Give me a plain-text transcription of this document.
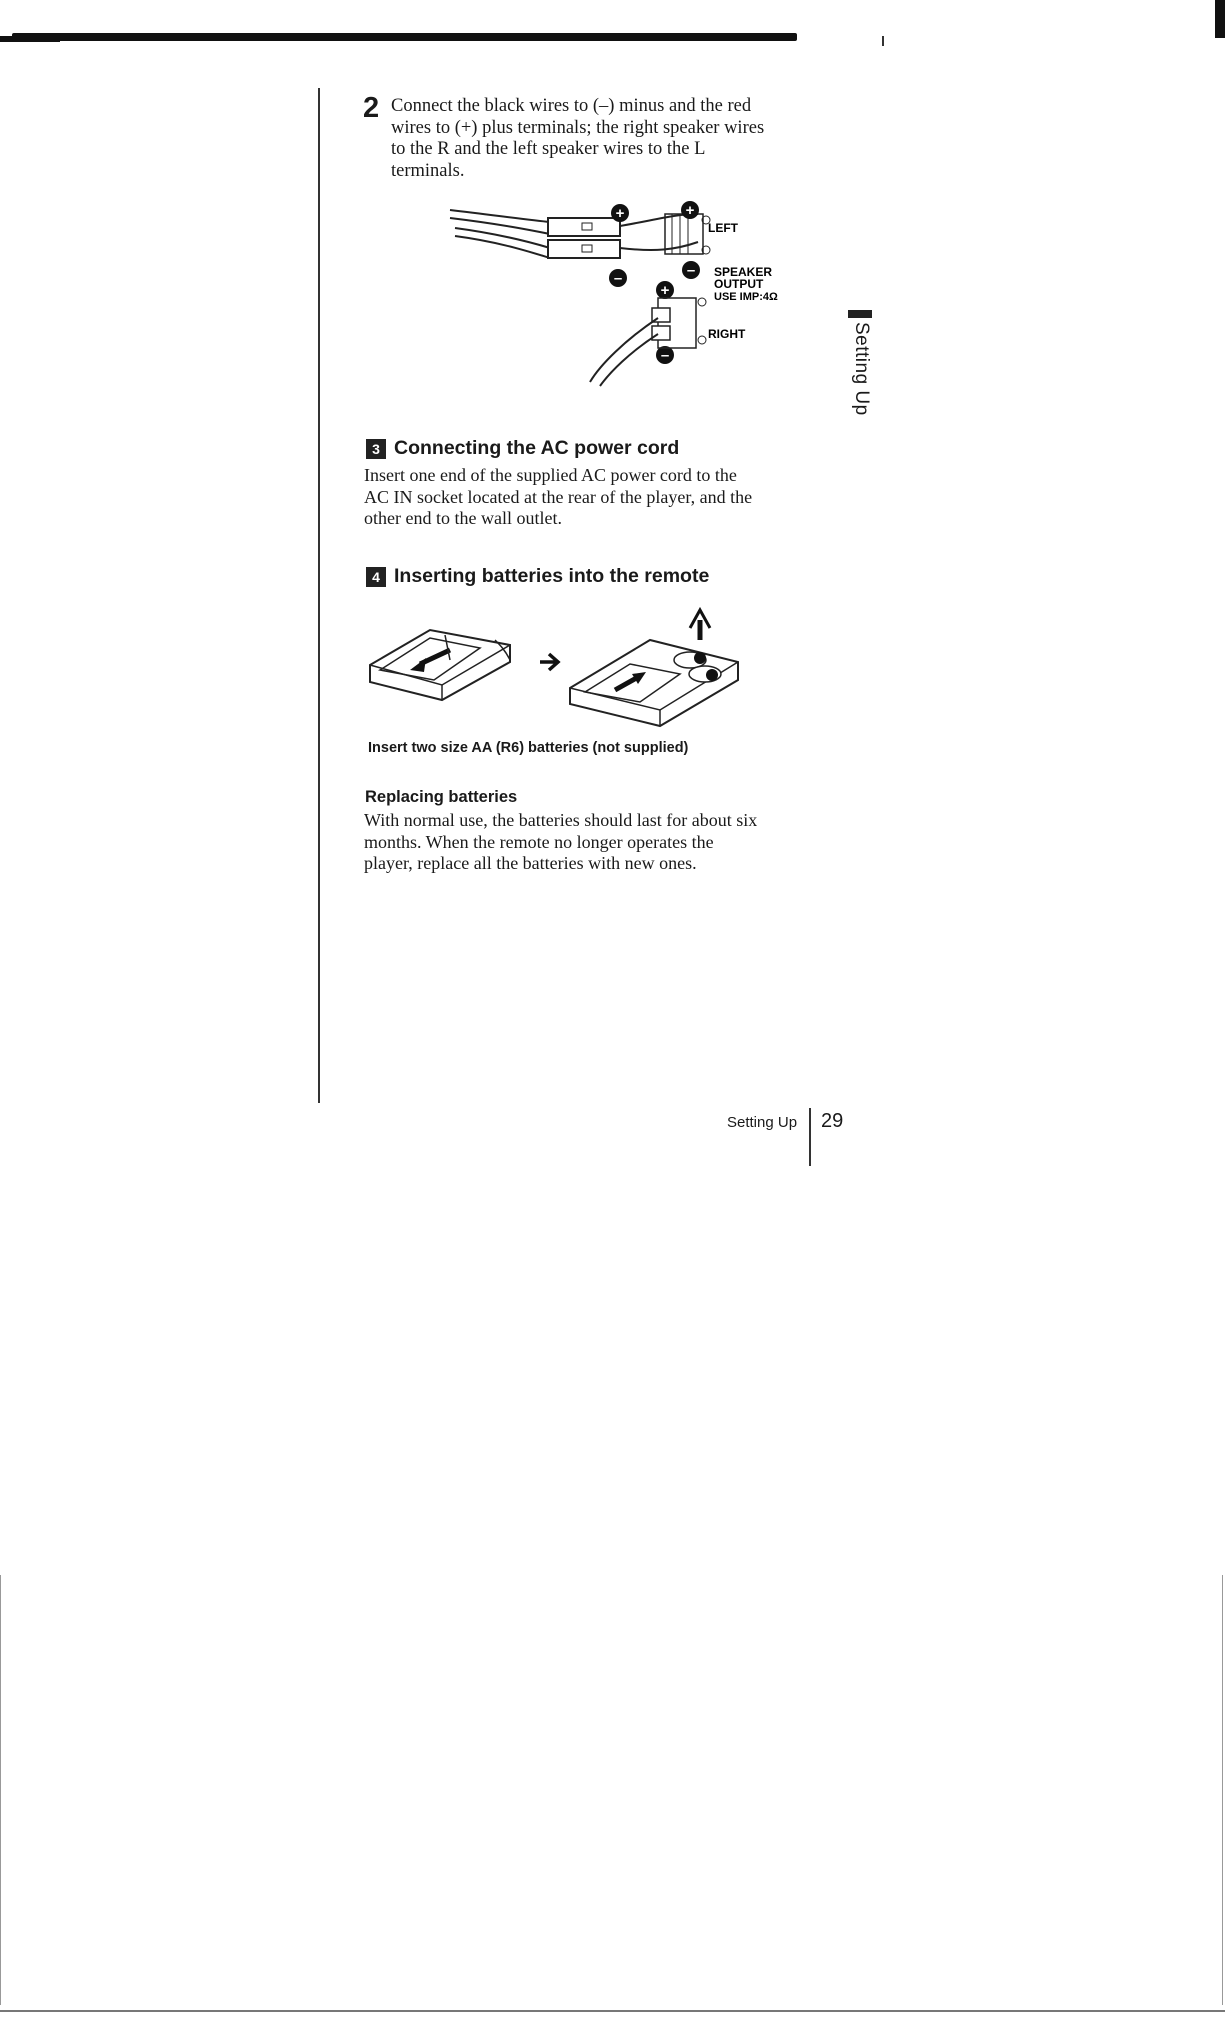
2 Connect the black wires to (–) minus and the red
wires to (+) plus terminals; the right speaker wires
to the R and the left speaker wires to the L
terminals.
+	+
–	–
+
–
LEFT
SPEAKER
OUTPUT
USE IMP:4Ω
RIGHT
3 Connecting the AC power cord
Insert one end of the supplied AC power cord to the
AC IN socket located at the rear of the player, and the
other end to the wall outlet.
4 Inserting batteries into the remote
Insert two size AA (R6) batteries (not supplied)
Replacing batteries
With normal use, the batteries should last for about six
months. When the remote no longer operates the
player, replace all the batteries with new ones.
Setting Up
Setting Up 29
